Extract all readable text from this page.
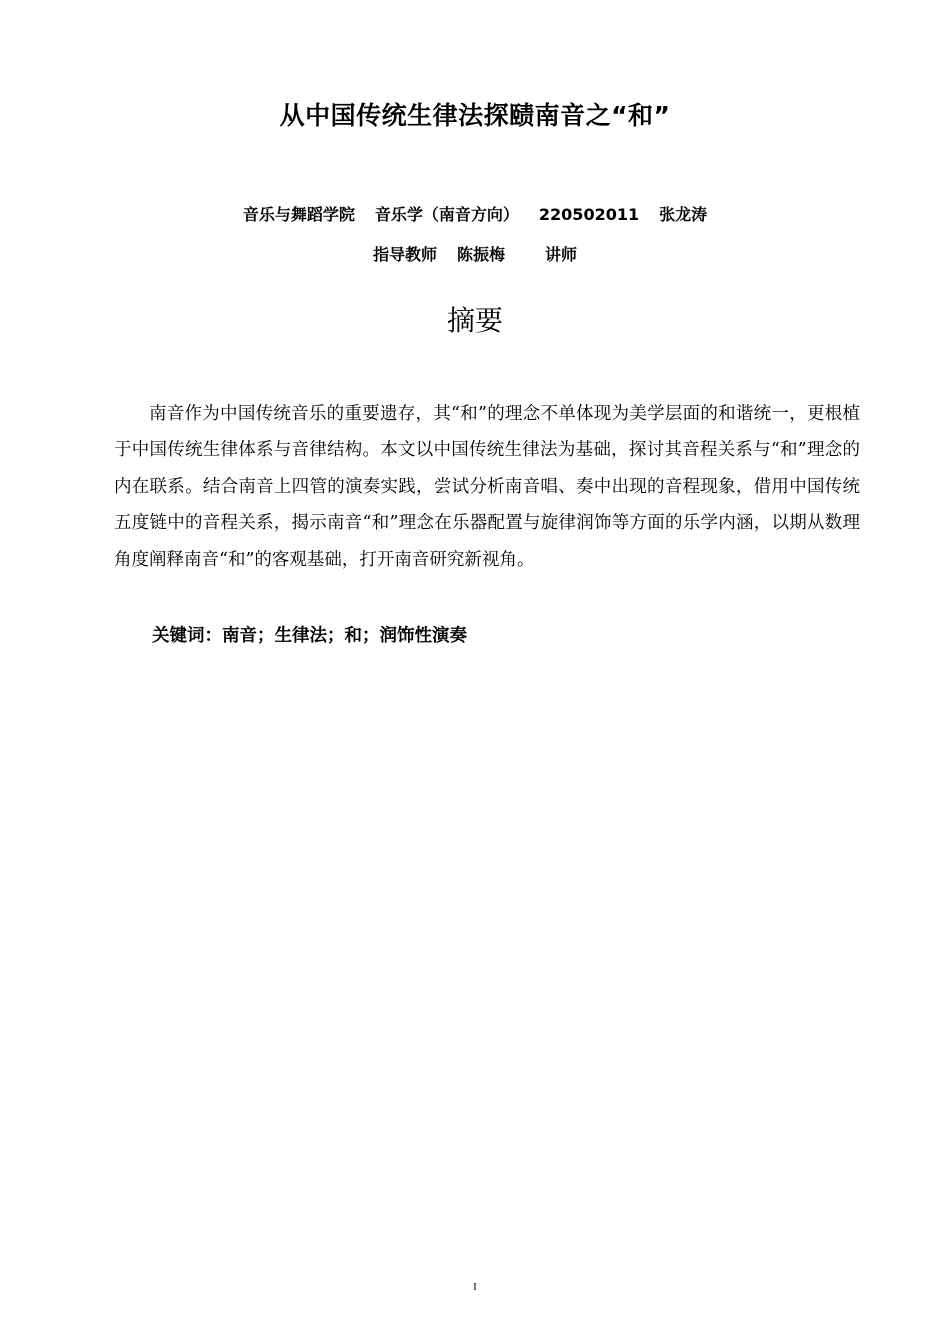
从中国传统生律法探赜南音之“和”
音乐与舞蹈学院 音乐学（南音方向） 220502011 张龙涛
指导教师 陈振梅	讲师
摘要

南音作为中国传统音乐的重要遗存，其“和”的理念不单体现为美学层面的和谐统一，更根植于中国传统生律体系与音律结构。本文以中国传统生律法为基础，探讨其音程关系与“和”理念的内在联系。结合南音上四管的演奏实践，尝试分析南音唱、奏中出现的音程现象，借用中国传统五度链中的音程关系，揭示南音“和”理念在乐器配置与旋律润饰等方面的乐学内涵，以期从数理角度阐释南音“和”的客观基础，打开南音研究新视角。

关键词：南音；生律法；和；润饰性演奏
I
